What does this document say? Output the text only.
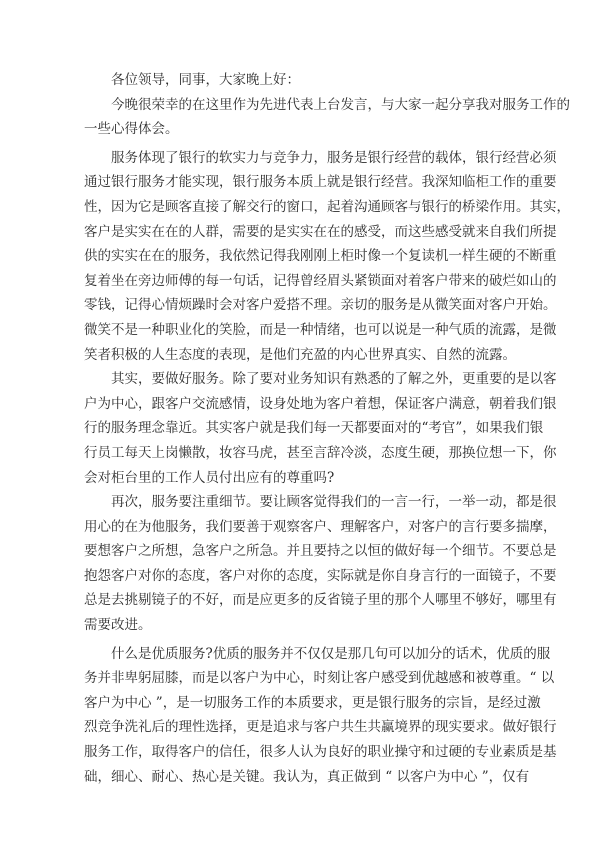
各位领导，同事，大家晚上好：
今晚很荣幸的在这里作为先进代表上台发言，与大家一起分享我对服务工作的
一些心得体会。
服务体现了银行的软实力与竞争力，服务是银行经营的载体，银行经营必须
通过银行服务才能实现，银行服务本质上就是银行经营。我深知临柜工作的重要
性，因为它是顾客直接了解交行的窗口，起着沟通顾客与银行的桥梁作用。其实，
客户是实实在在的人群，需要的是实实在在的感受，而这些感受就来自我们所提
供的实实在在的服务，我依然记得我刚刚上柜时像一个复读机一样生硬的不断重
复着坐在旁边师傅的每一句话，记得曾经眉头紧锁面对着客户带来的破烂如山的
零钱，记得心情烦躁时会对客户爱搭不理。亲切的服务是从微笑面对客户开始。
微笑不是一种职业化的笑脸，而是一种情绪，也可以说是一种气质的流露，是微
笑者积极的人生态度的表现，是他们充盈的内心世界真实、自然的流露。
其实，要做好服务。除了要对业务知识有熟悉的了解之外，更重要的是以客
户为中心，跟客户交流感情，设身处地为客户着想，保证客户满意，朝着我们银
行的服务理念靠近。其实客户就是我们每一天都要面对的“考官”，如果我们银
行员工每天上岗懒散，妆容马虎，甚至言辞冷淡，态度生硬，那换位想一下，你
会对柜台里的工作人员付出应有的尊重吗?
再次，服务要注重细节。要让顾客觉得我们的一言一行，一举一动，都是很
用心的在为他服务，我们要善于观察客户、理解客户，对客户的言行要多揣摩，
要想客户之所想，急客户之所急。并且要持之以恒的做好每一个细节。不要总是
抱怨客户对你的态度，客户对你的态度，实际就是你自身言行的一面镜子，不要
总是去挑剔镜子的不好，而是应更多的反省镜子里的那个人哪里不够好，哪里有
需要改进。
什么是优质服务?优质的服务并不仅仅是那几句可以加分的话术，优质的服
务并非卑躬屈膝，而是以客户为中心，时刻让客户感受到优越感和被尊重。“ 以
客户为中心 ”，是一切服务工作的本质要求，更是银行服务的宗旨，是经过激
烈竞争洗礼后的理性选择，更是追求与客户共生共赢境界的现实要求。做好银行
服务工作，取得客户的信任，很多人认为良好的职业操守和过硬的专业素质是基
础，细心、耐心、热心是关键。我认为，真正做到 “ 以客户为中心 ”，仅有
